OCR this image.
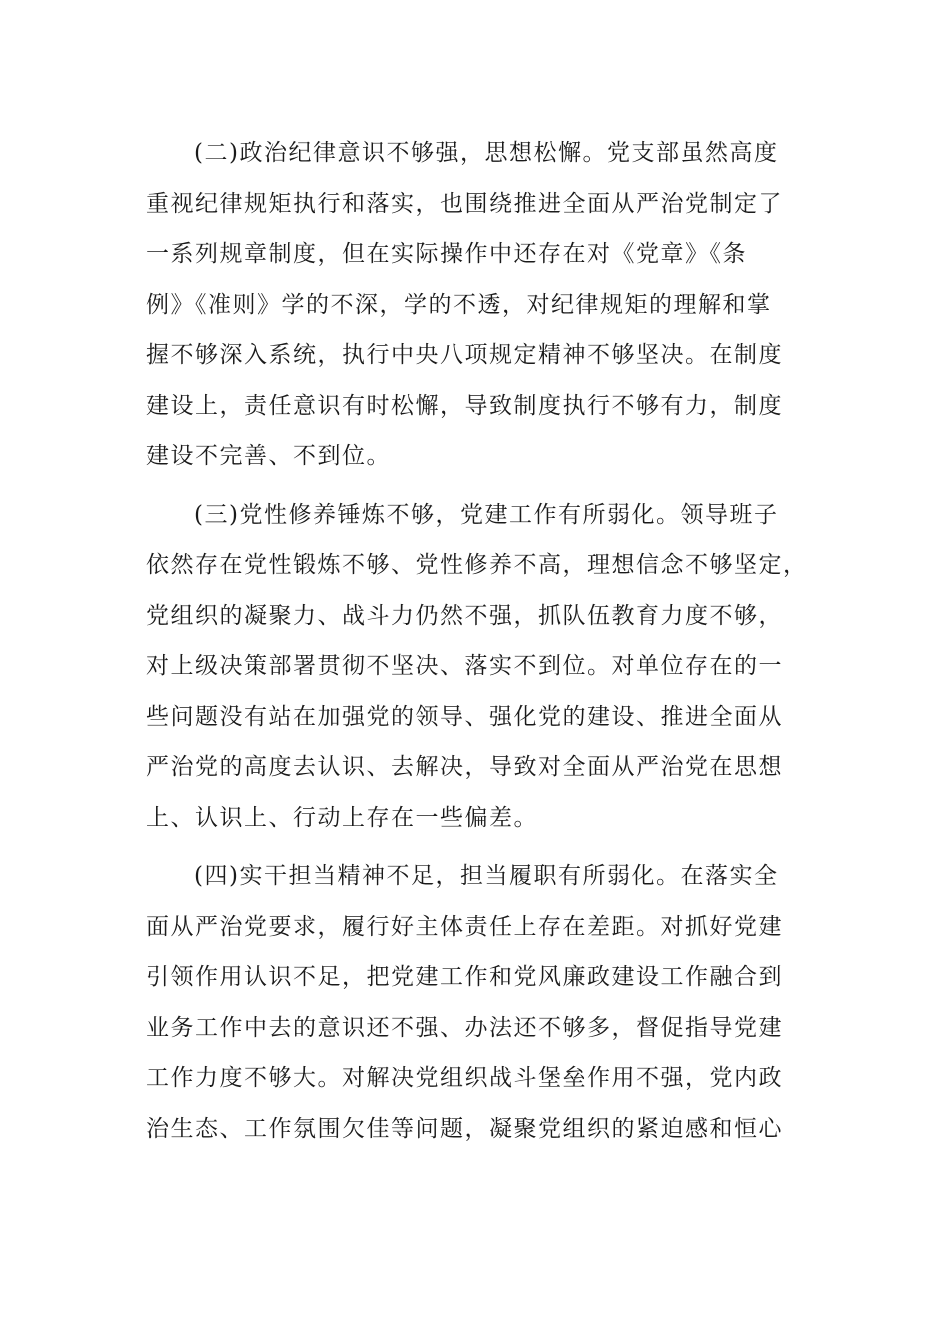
(二)政治纪律意识不够强，思想松懈。党支部虽然高度
重视纪律规矩执行和落实，也围绕推进全面从严治党制定了
一系列规章制度，但在实际操作中还存在对《党章》《条
例》《准则》学的不深，学的不透，对纪律规矩的理解和掌
握不够深入系统，执行中央八项规定精神不够坚决。在制度
建设上，责任意识有时松懈，导致制度执行不够有力，制度
建设不完善、不到位。

(三)党性修养锤炼不够，党建工作有所弱化。领导班子
依然存在党性锻炼不够、党性修养不高，理想信念不够坚定，
党组织的凝聚力、战斗力仍然不强，抓队伍教育力度不够，
对上级决策部署贯彻不坚决、落实不到位。对单位存在的一
些问题没有站在加强党的领导、强化党的建设、推进全面从
严治党的高度去认识、去解决，导致对全面从严治党在思想
上、认识上、行动上存在一些偏差。

(四)实干担当精神不足，担当履职有所弱化。在落实全
面从严治党要求，履行好主体责任上存在差距。对抓好党建
引领作用认识不足，把党建工作和党风廉政建设工作融合到
业务工作中去的意识还不强、办法还不够多，督促指导党建
工作力度不够大。对解决党组织战斗堡垒作用不强，党内政
治生态、工作氛围欠佳等问题，凝聚党组织的紧迫感和恒心
